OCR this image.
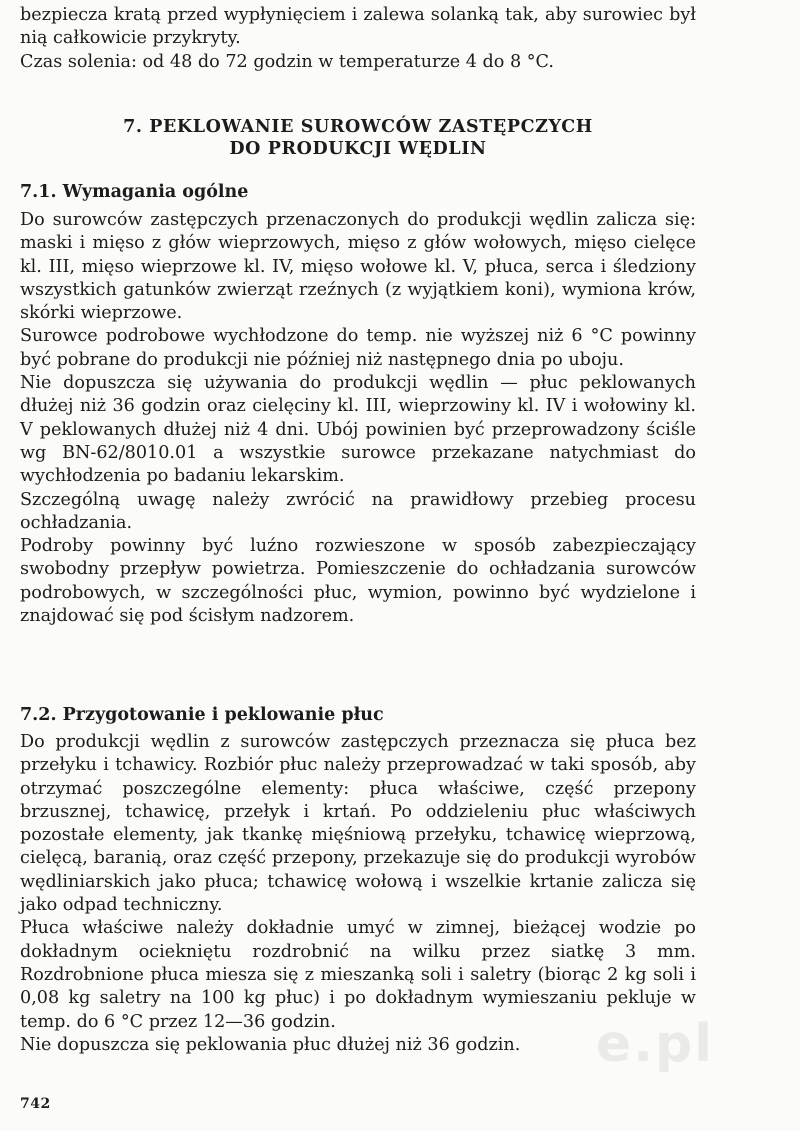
bezpiecza kratą przed wypłynięciem i zalewa solanką tak, aby surowiec był nią całkowicie przykryty.

Czas solenia: od 48 do 72 godzin w temperaturze 4 do 8 °C.

7. PEKLOWANIE SUROWCÓW ZASTĘPCZYCH
DO PRODUKCJI WĘDLIN
7.1. Wymagania ogólne

Do surowców zastępczych przenaczonych do produkcji wędlin zalicza się: maski i mięso z głów wieprzowych, mięso z głów wołowych, mięso cielęce kl. III, mięso wieprzowe kl. IV, mięso wołowe kl. V, płuca, serca i śledziony wszystkich gatunków zwierząt rzeźnych (z wyjątkiem koni), wymiona krów, skórki wieprzowe.

Surowce podrobowe wychłodzone do temp. nie wyższej niż 6 °C powinny być pobrane do produkcji nie później niż następnego dnia po uboju.

Nie dopuszcza się używania do produkcji wędlin — płuc peklowanych dłużej niż 36 godzin oraz cielęciny kl. III, wieprzowiny kl. IV i wołowiny kl. V peklowanych dłużej niż 4 dni. Ubój powinien być przeprowadzony ściśle wg BN-62/8010.01 a wszystkie surowce przekazane natychmiast do wychłodzenia po badaniu lekarskim.

Szczególną uwagę należy zwrócić na prawidłowy przebieg procesu ochładzania.

Podroby powinny być luźno rozwieszone w sposób zabezpieczający swobodny przepływ powietrza. Pomieszczenie do ochładzania surowców podrobowych, w szczególności płuc, wymion, powinno być wydzielone i znajdować się pod ścisłym nadzorem.

7.2. Przygotowanie i peklowanie płuc

Do produkcji wędlin z surowców zastępczych przeznacza się płuca bez przełyku i tchawicy. Rozbiór płuc należy przeprowadzać w taki sposób, aby otrzymać poszczególne elementy: płuca właściwe, część przepony brzusznej, tchawicę, przełyk i krtań. Po oddzieleniu płuc właściwych pozostałe elementy, jak tkankę mięśniową przełyku, tchawicę wieprzową, cielęcą, baranią, oraz część przepony, przekazuje się do produkcji wyrobów wędliniarskich jako płuca; tchawicę wołową i wszelkie krtanie zalicza się jako odpad techniczny.

Płuca właściwe należy dokładnie umyć w zimnej, bieżącej wodzie po dokładnym ociekniętu rozdrobnić na wilku przez siatkę 3 mm. Rozdrobnione płuca miesza się z mieszanką soli i saletry (biorąc 2 kg soli i 0,08 kg saletry na 100 kg płuc) i po dokładnym wymieszaniu pekluje w temp. do 6 °C przez 12—36 godzin.

Nie dopuszcza się peklowania płuc dłużej niż 36 godzin.	e.pl
742
